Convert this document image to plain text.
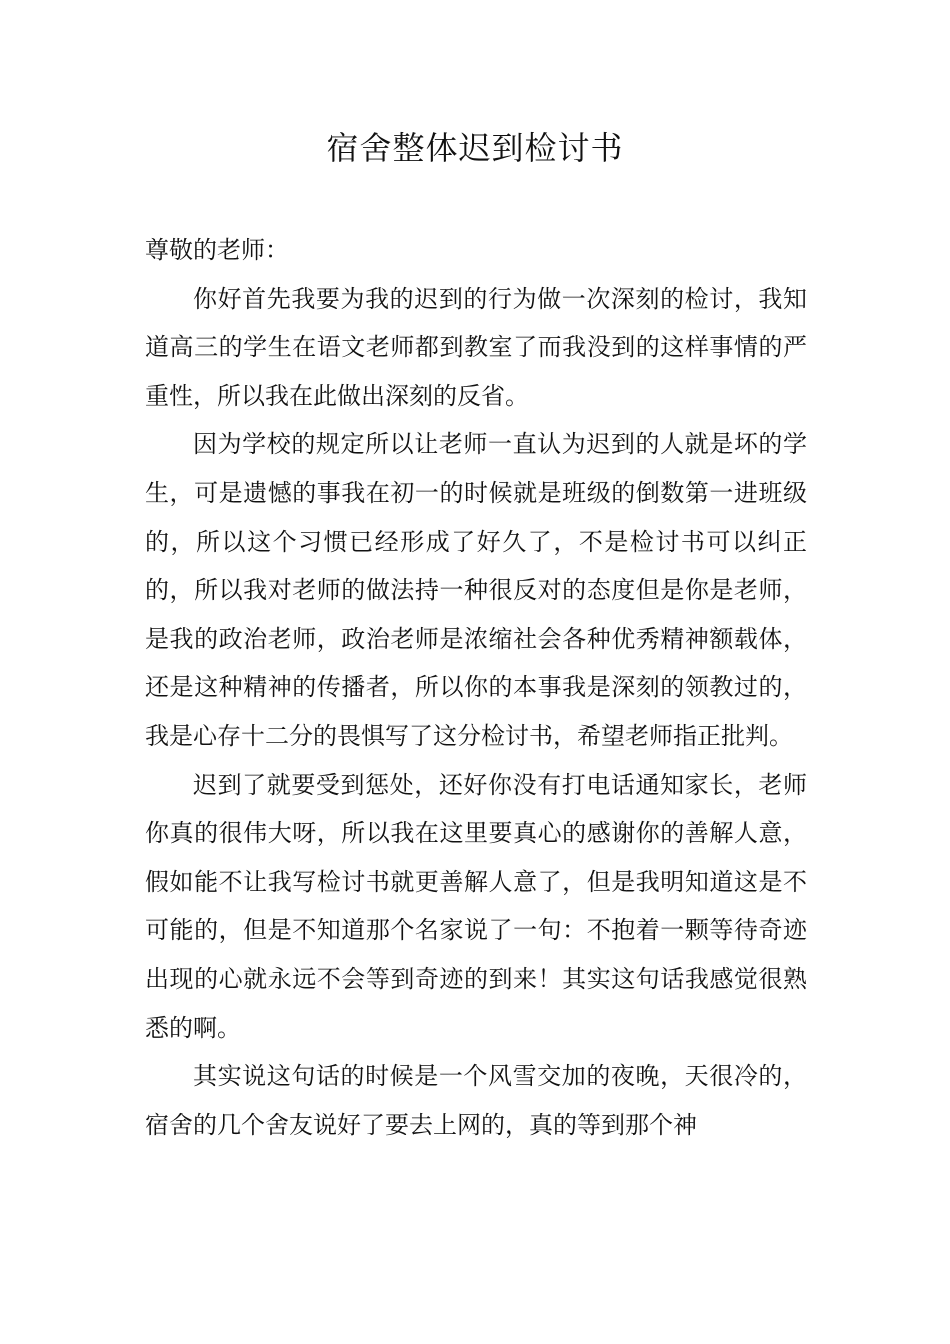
宿舍整体迟到检讨书

尊敬的老师：

你好首先我要为我的迟到的行为做一次深刻的检讨，我知道高三的学生在语文老师都到教室了而我没到的这样事情的严重性，所以我在此做出深刻的反省。

因为学校的规定所以让老师一直认为迟到的人就是坏的学生，可是遗憾的事我在初一的时候就是班级的倒数第一进班级的，所以这个习惯已经形成了好久了，不是检讨书可以纠正的，所以我对老师的做法持一种很反对的态度但是你是老师，是我的政治老师，政治老师是浓缩社会各种优秀精神额载体，还是这种精神的传播者，所以你的本事我是深刻的领教过的，我是心存十二分的畏惧写了这分检讨书，希望老师指正批判。

迟到了就要受到惩处，还好你没有打电话通知家长，老师你真的很伟大呀，所以我在这里要真心的感谢你的善解人意，假如能不让我写检讨书就更善解人意了，但是我明知道这是不可能的，但是不知道那个名家说了一句：不抱着一颗等待奇迹出现的心就永远不会等到奇迹的到来！其实这句话我感觉很熟悉的啊。

其实说这句话的时候是一个风雪交加的夜晚，天很冷的，宿舍的几个舍友说好了要去上网的，真的等到那个神
